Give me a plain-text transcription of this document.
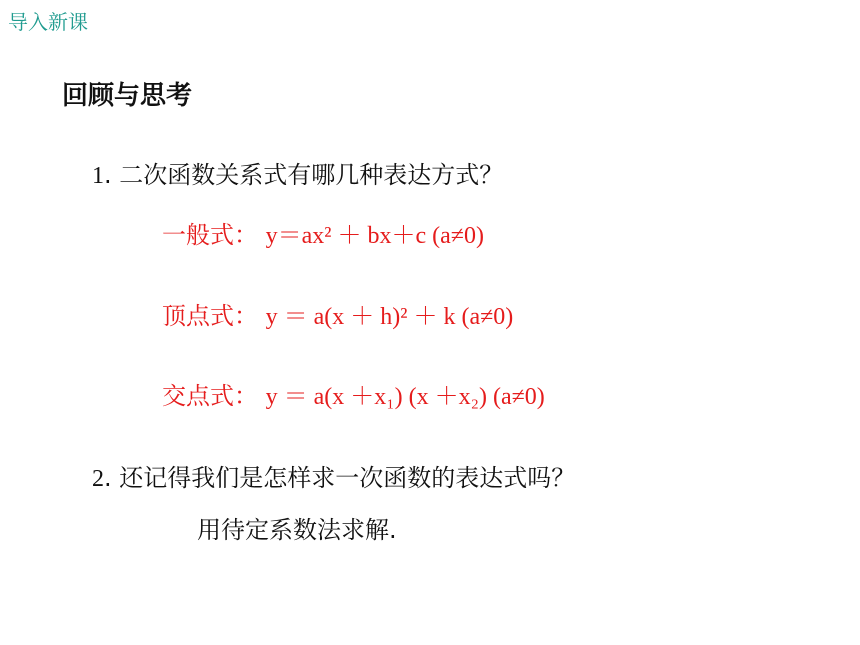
导入新课
回顾与思考
1. 二次函数关系式有哪几种表达方式？
一般式： y＝ax² ＋ bx＋c (a≠0)
顶点式： y ＝ a(x ＋ h)² ＋ k (a≠0)
交点式： y ＝ a(x ＋x₁) (x ＋x₂) (a≠0)
2. 还记得我们是怎样求一次函数的表达式吗？
用待定系数法求解.
